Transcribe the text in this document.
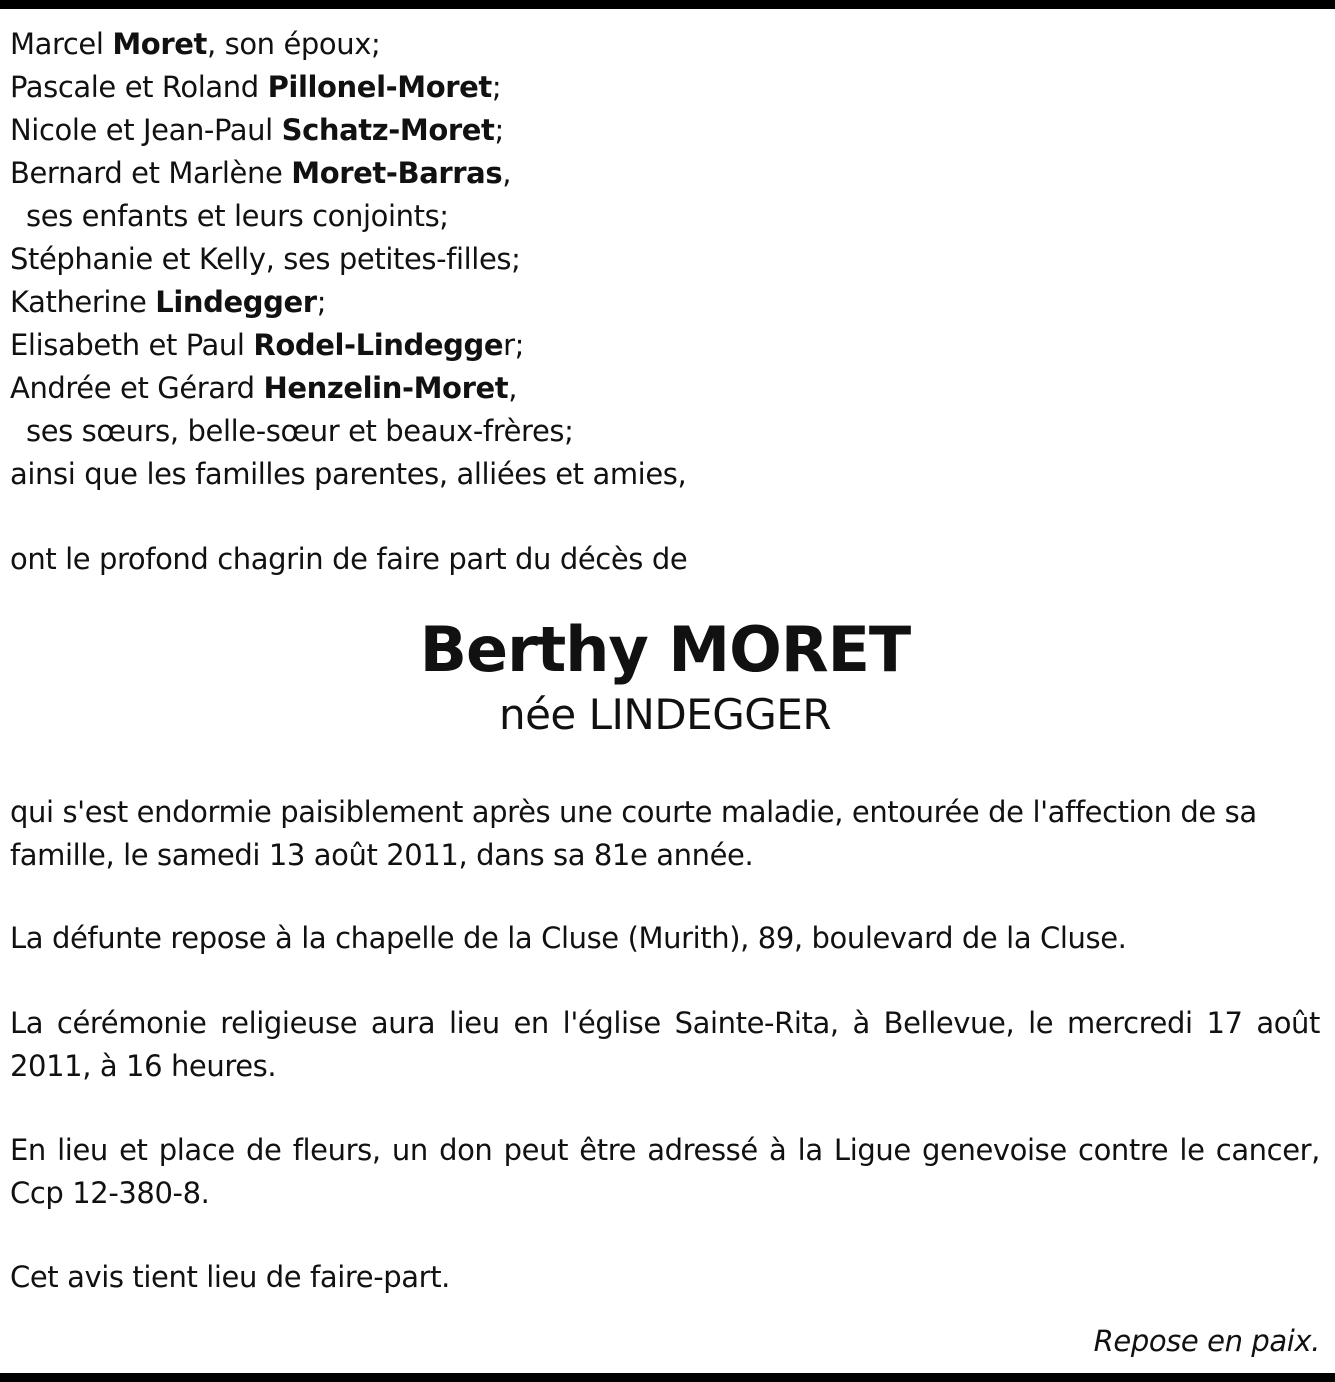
Marcel Moret, son époux;
Pascale et Roland Pillonel-Moret;
Nicole et Jean-Paul Schatz-Moret;
Bernard et Marlène Moret-Barras,
ses enfants et leurs conjoints;
Stéphanie et Kelly, ses petites-filles;
Katherine Lindegger;
Elisabeth et Paul Rodel-Lindegger;
Andrée et Gérard Henzelin-Moret,
ses sœurs, belle-sœur et beaux-frères;
ainsi que les familles parentes, alliées et amies,
ont le profond chagrin de faire part du décès de
Berthy MORET
née LINDEGGER
qui s'est endormie paisiblement après une courte maladie, entourée de l'affection de sa famille, le samedi 13 août 2011, dans sa 81e année.
La défunte repose à la chapelle de la Cluse (Murith), 89, boulevard de la Cluse.
La cérémonie religieuse aura lieu en l'église Sainte-Rita, à Bellevue, le mercredi 17 août 2011, à 16 heures.
En lieu et place de fleurs, un don peut être adressé à la Ligue genevoise contre le cancer, Ccp 12-380-8.
Cet avis tient lieu de faire-part.
Repose en paix.
